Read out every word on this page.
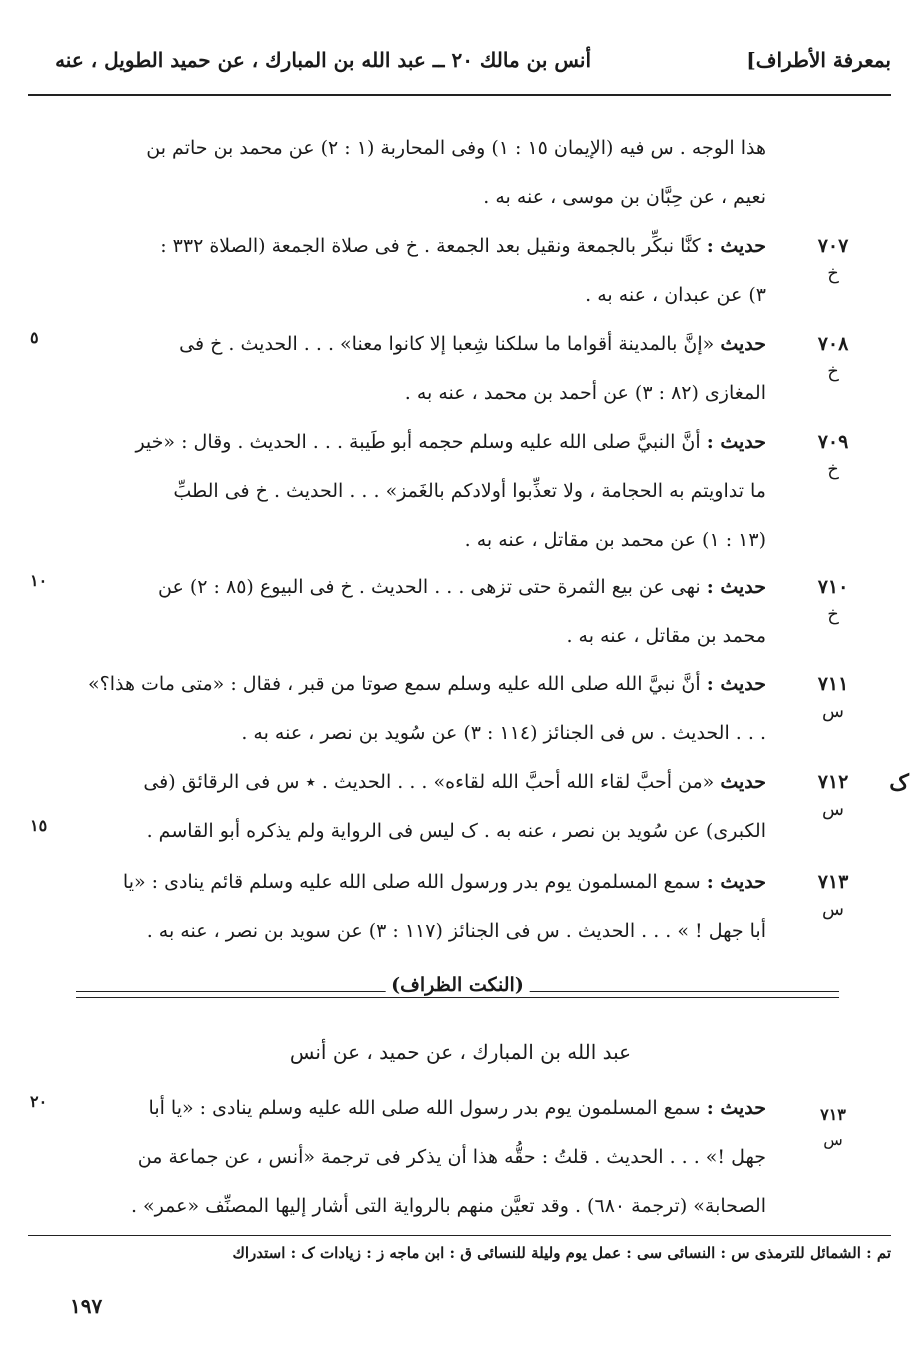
بمعرفة الأطراف]
أنس بن مالك ٢٠ ــ عبد الله بن المبارك ، عن حميد الطويل ، عنه
هذا الوجه . س فيه (الإيمان ١٥ : ١) وفى المحاربة (١ : ٢) عن محمد بن حاتم بن
نعيم ، عن حِبَّان بن موسى ، عنه به .
٧٠٧
خ
حديث : كنَّا نبكِّر بالجمعة ونقيل بعد الجمعة . خ فى صلاة الجمعة (الصلاة ٣٣٢ :
٣) عن عبدان ، عنه به .
٧٠٨
خ
حديث «إنَّ بالمدينة أقواما ما سلكنا شِعبا إلا كانوا معنا» . . . الحديث . خ فى
المغازى (٨٢ : ٣) عن أحمد بن محمد ، عنه به .
٥
٧٠٩
خ
حديث : أنَّ النبيَّ صلى الله عليه وسلم حجمه أبو طَيبة . . . الحديث . وقال : «خير
ما تداويتم به الحجامة ، ولا تعذِّبوا أولادكم بالغَمز» . . . الحديث . خ فى الطبِّ
(١٣ : ١) عن محمد بن مقاتل ، عنه به .
٧١٠
خ
حديث : نهى عن بيع الثمرة حتى تزهى . . . الحديث . خ فى البيوع (٨٥ : ٢) عن
محمد بن مقاتل ، عنه به .
١٠
٧١١
س
حديث : أنَّ نبيَّ الله صلى الله عليه وسلم سمع صوتا من قبر ، فقال : «متى مات هذا؟»
. . . الحديث . س فى الجنائز (١١٤ : ٣) عن سُويد بن نصر ، عنه به .
ک
٧١٢
س
حديث «من أحبَّ لقاء الله أحبَّ الله لقاءه» . . . الحديث . ٭ س فى الرقائق (فى
الكبرى) عن سُويد بن نصر ، عنه به . ک ليس فى الرواية ولم يذكره أبو القاسم .
١٥
٧١٣
س
حديث : سمع المسلمون يوم بدر ورسول الله صلى الله عليه وسلم قائم ينادى : «يا
أبا جهل ! » . . . الحديث . س فى الجنائز (١١٧ : ٣) عن سويد بن نصر ، عنه به .
(النكت الظراف)
عبد الله بن المبارك ، عن حميد ، عن أنس
٧١٣
س
حديث : سمع المسلمون يوم بدر رسول الله صلى الله عليه وسلم ينادى : «يا أبا
جهل !» . . . الحديث . قلتُ : حقُّه هذا أن يذكر فى ترجمة «أنس ، عن جماعة من
الصحابة» (ترجمة ٦٨٠) . وقد تعيَّن منهم بالرواية التى أشار إليها المصنِّف «عمر» .
٢٠
تم : الشمائل للترمذى س : النسائى سى : عمل يوم وليلة للنسائى ق : ابن ماجه ز : زيادات ک : استدراك
١٩٧
